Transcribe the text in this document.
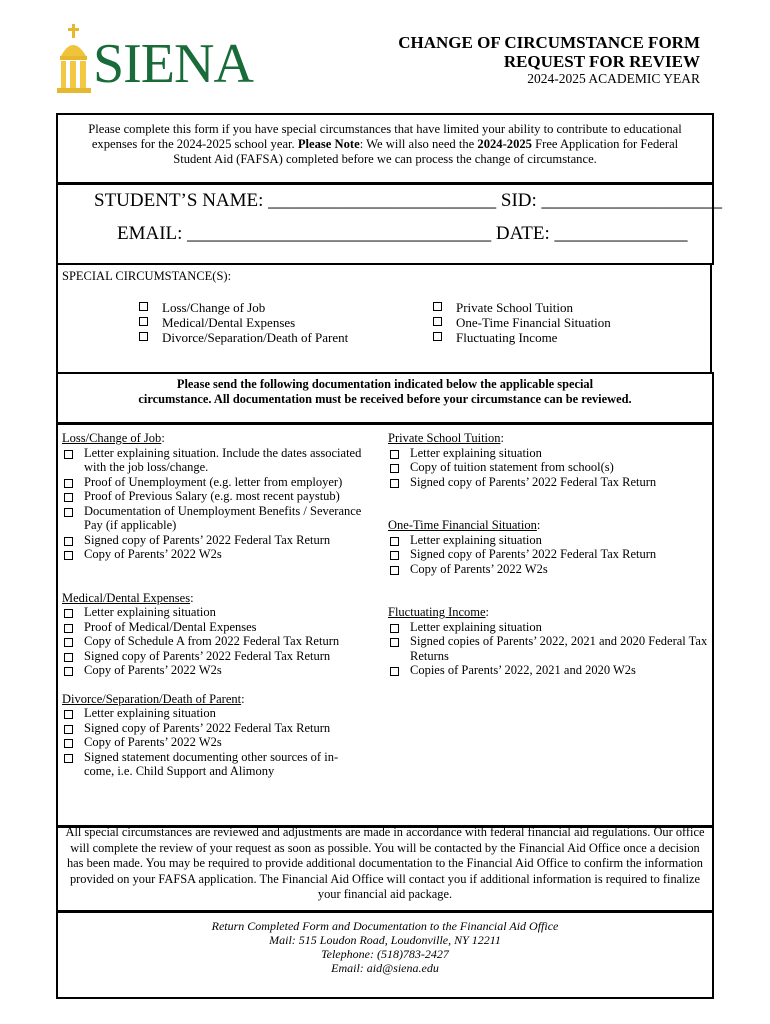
SIENA	CHANGE OF CIRCUMSTANCE FORM
REQUEST FOR REVIEW
2024-2025 ACADEMIC YEAR
Please complete this form if you have special circumstances that have limited your ability to contribute to educational expenses for the 2024-2025 school year. Please Note: We will also need the 2024-2025 Free Application for Federal Student Aid (FAFSA) completed before we can process the change of circumstance.
STUDENT’S NAME: ________________________ SID: ___________________
EMAIL: ________________________________ DATE: ______________
SPECIAL CIRCUMSTANCE(S):
Loss/Change of Job
Medical/Dental Expenses
Divorce/Separation/Death of Parent
Private School Tuition
One-Time Financial Situation
Fluctuating Income
Please send the following documentation indicated below the applicable special
circumstance. All documentation must be received before your circumstance can be reviewed.
Loss/Change of Job:
Letter explaining situation. Include the dates associated with the job loss/change.
Proof of Unemployment (e.g. letter from employer)
Proof of Previous Salary (e.g. most recent paystub)
Documentation of Unemployment Benefits / Severance Pay (if applicable)
Signed copy of Parents’ 2022 Federal Tax Return
Copy of Parents’ 2022 W2s
Medical/Dental Expenses:
Letter explaining situation
Proof of Medical/Dental Expenses
Copy of Schedule A from 2022 Federal Tax Return
Signed copy of Parents’ 2022 Federal Tax Return
Copy of Parents’ 2022 W2s
Divorce/Separation/Death of Parent:
Letter explaining situation
Signed copy of Parents’ 2022 Federal Tax Return
Copy of Parents’ 2022 W2s
Signed statement documenting other sources of in-come, i.e. Child Support and Alimony
Private School Tuition:
Letter explaining situation
Copy of tuition statement from school(s)
Signed copy of Parents’ 2022 Federal Tax Return
One-Time Financial Situation:
Letter explaining situation
Signed copy of Parents’ 2022 Federal Tax Return
Copy of Parents’ 2022 W2s
Fluctuating Income:
Letter explaining situation
Signed copies of Parents’ 2022, 2021 and 2020 Federal Tax Returns
Copies of Parents’ 2022, 2021 and 2020 W2s
All special circumstances are reviewed and adjustments are made in accordance with federal financial aid regulations. Our office will complete the review of your request as soon as possible. You will be contacted by the Financial Aid Office once a decision has been made. You may be required to provide additional documentation to the Financial Aid Office to confirm the information provided on your FAFSA application. The Financial Aid Office will contact you if additional information is required to finalize your financial aid package.
Return Completed Form and Documentation to the Financial Aid Office
Mail: 515 Loudon Road, Loudonville, NY 12211
Telephone: (518)783-2427
Email: aid@siena.edu
